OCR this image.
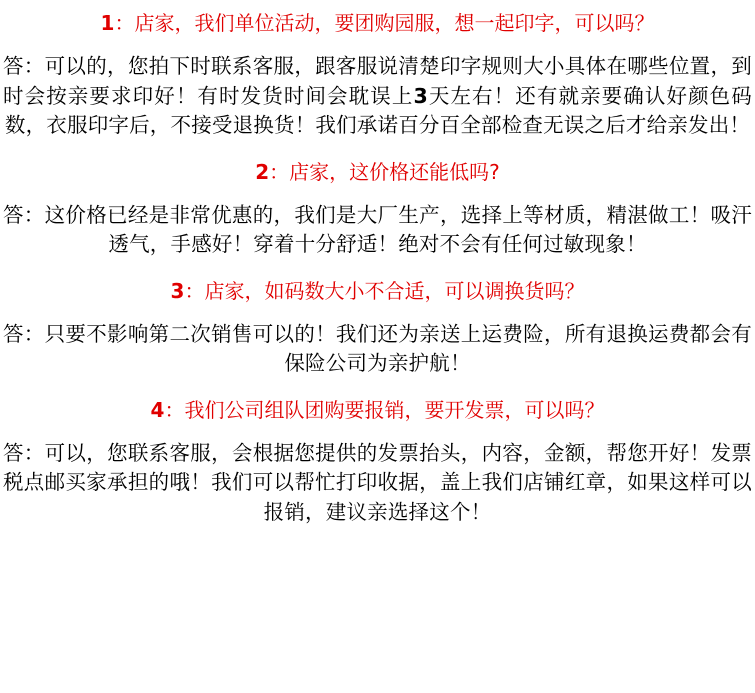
1：店家，我们单位活动，要团购园服，想一起印字，可以吗？
答：可以的，您拍下时联系客服，跟客服说清楚印字规则大小具体在哪些位置，到时会按亲要求印好！有时发货时间会耽误上3天左右！还有就亲要确认好颜色码数，衣服印字后，不接受退换货！我们承诺百分百全部检查无误之后才给亲发出！
2：店家，这价格还能低吗?
答：这价格已经是非常优惠的，我们是大厂生产，选择上等材质，精湛做工！吸汗透气，手感好！穿着十分舒适！绝对不会有任何过敏现象！
3：店家，如码数大小不合适，可以调换货吗？
答：只要不影响第二次销售可以的！我们还为亲送上运费险，所有退换运费都会有保险公司为亲护航！
4：我们公司组队团购要报销，要开发票，可以吗？
答：可以，您联系客服，会根据您提供的发票抬头，内容，金额，帮您开好！发票税点邮买家承担的哦！我们可以帮忙打印收据，盖上我们店铺红章，如果这样可以报销，建议亲选择这个！
